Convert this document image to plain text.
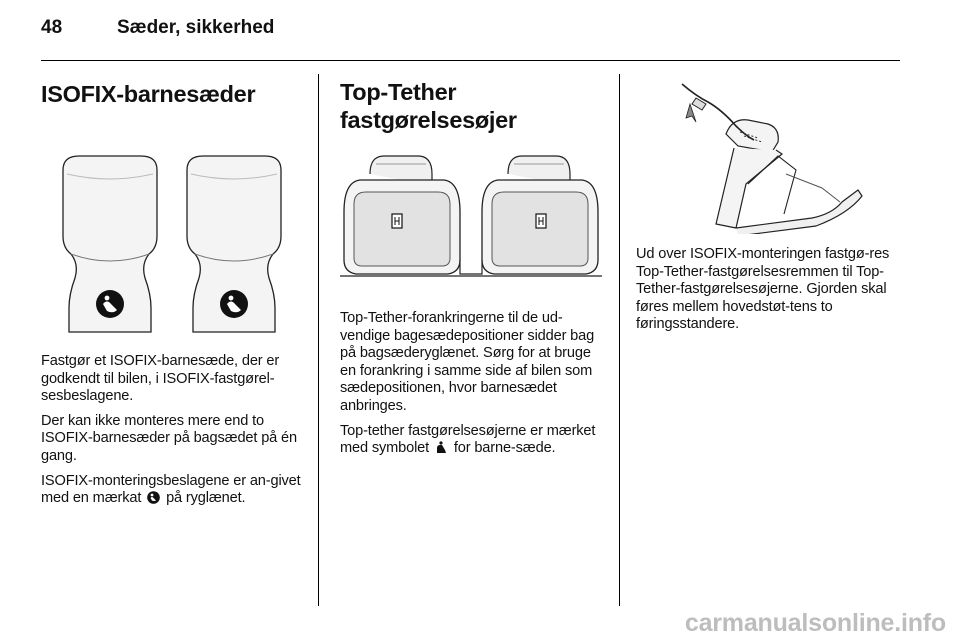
48	Sæder, sikkerhed
ISOFIX-barnesæder

Fastgør et ISOFIX-barnesæde, der er godkendt til bilen, i ISOFIX-fastgørel-sesbeslagene.

Der kan ikke monteres mere end to ISOFIX-barnesæder på bagsædet på én gang.

ISOFIX-monteringsbeslagene er an-givet med en mærkat på ryglænet.

Top-Tether
fastgørelsesøjer

Top-Tether-forankringerne til de ud-vendige bagesædepositioner sidder bag på bagsæderyglænet. Sørg for at bruge en forankring i samme side af bilen som sædepositionen, hvor barnesædet anbringes.

Top-tether fastgørelsesøjerne er mærket med symbolet for barne-sæde.

Ud over ISOFIX-monteringen fastgø-res Top-Tether-fastgørelsesremmen til Top-Tether-fastgørelsesøjerne. Gjorden skal føres mellem hovedstøt-tens to føringsstandere.

carmanualsonline.info
